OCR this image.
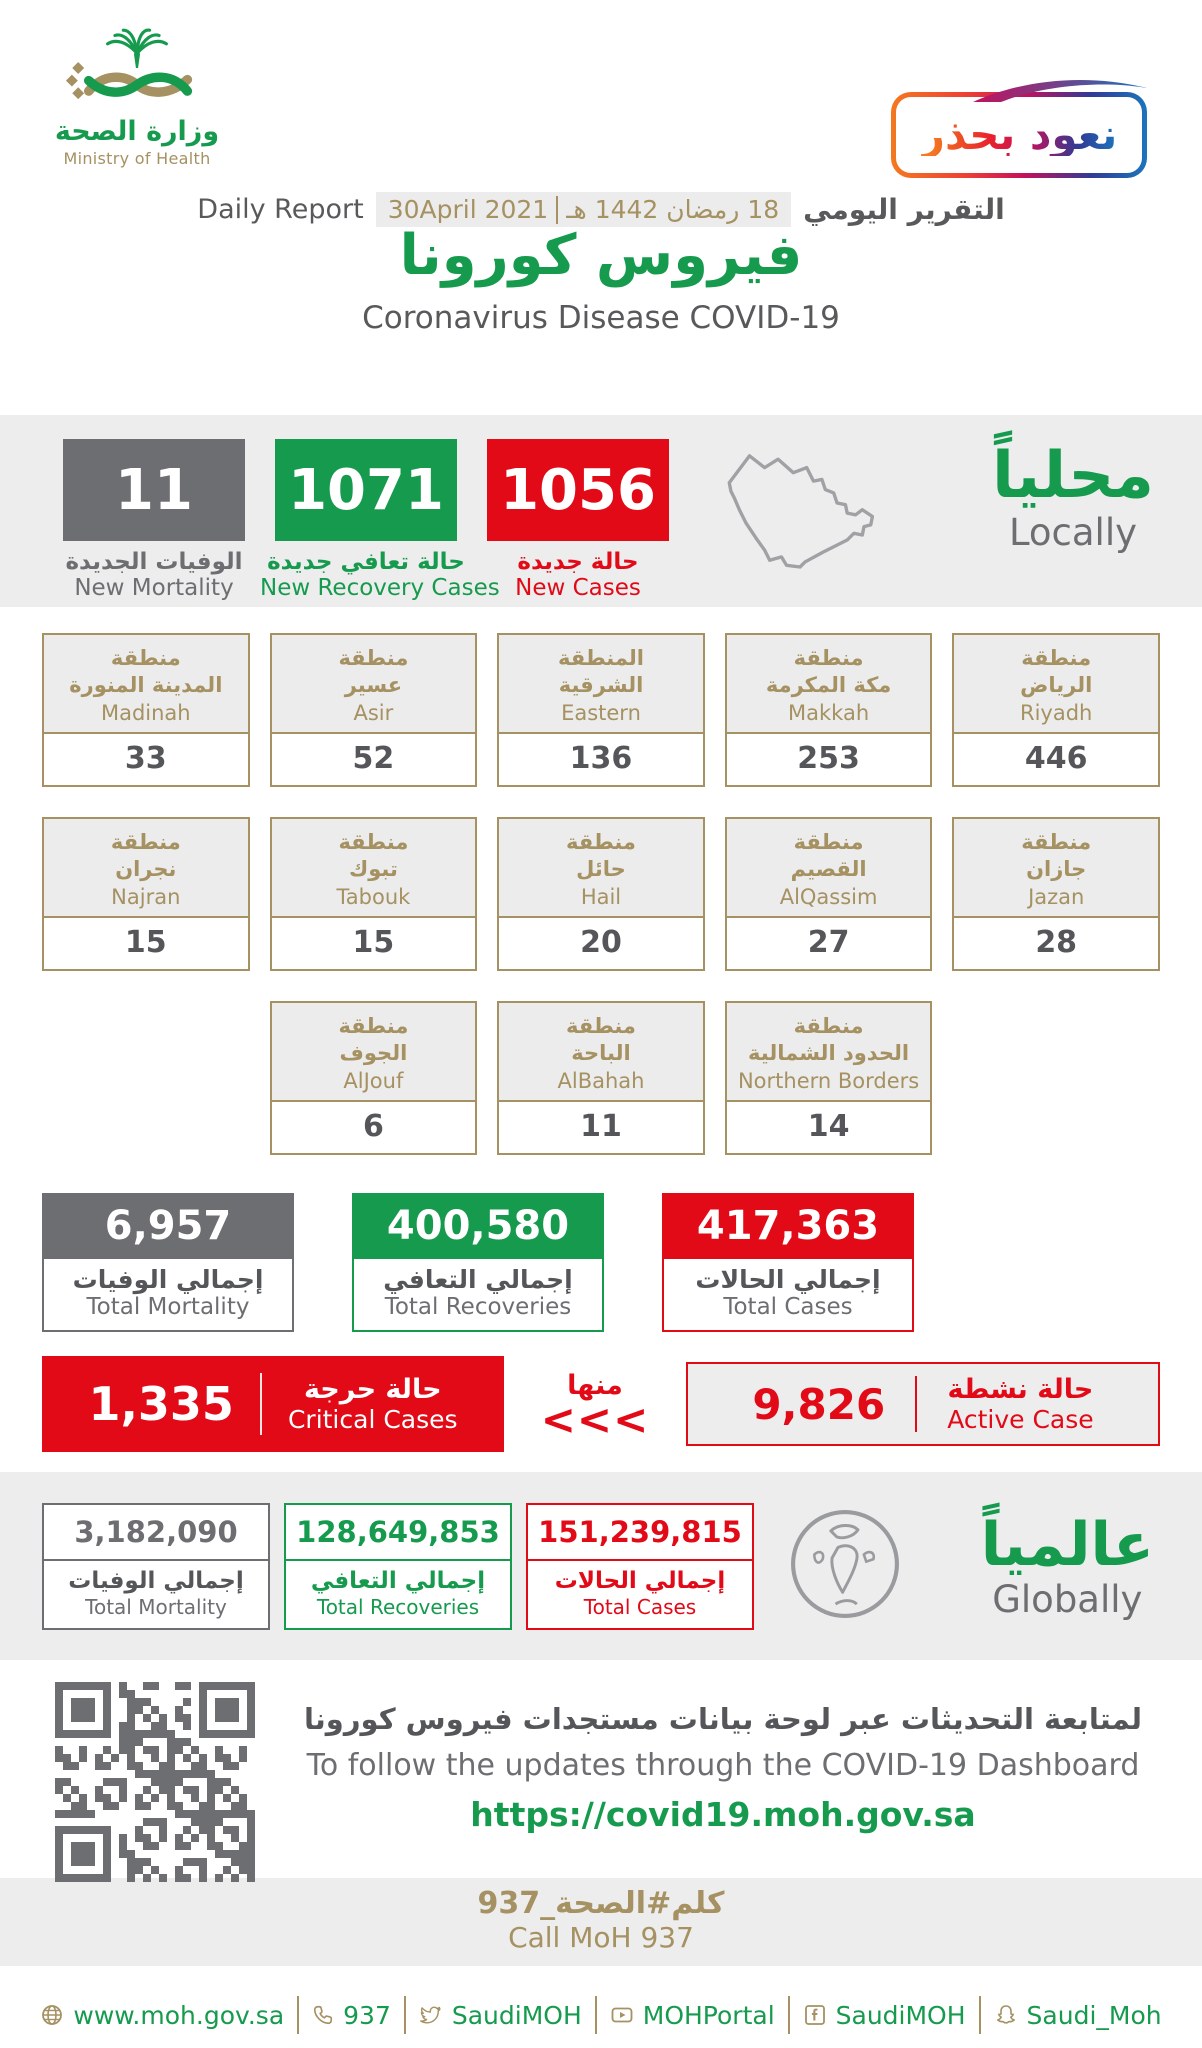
وزارة الصحة
Ministry of Health	نعود بحذر
Daily Report 30April 2021 18 رمضان 1442 هـ التقرير اليومي
فيروس كورونا
Coronavirus Disease COVID-19
11
الوفيات الجديدة
New Mortality
1071
حالة تعافي جديدة
New Recovery Cases
1056
حالة جديدة
New Cases
محلياً
Locally
منطقة
المدينة المنورة
Madinah
33
منطقة
عسير
Asir
52
المنطقة
الشرقية
Eastern
136
منطقة
مكة المكرمة
Makkah
253
منطقة
الرياض
Riyadh
446
منطقة
نجران
Najran
15
منطقة
تبوك
Tabouk
15
منطقة
حائل
Hail
20
منطقة
القصيم
AlQassim
27
منطقة
جازان
Jazan
28
منطقة
الجوف
AlJouf
6
منطقة
الباحة
AlBahah
11
منطقة
الحدود الشمالية
Northern Borders
14
6,957
إجمالي الوفيات
Total Mortality
400,580
إجمالي التعافي
Total Recoveries
417,363
إجمالي الحالات
Total Cases
1,335	حالة حرجة
Critical Cases
منها
<<<	9,826 حالة نشطة
Active Case
3,182,090
إجمالي الوفيات
Total Mortality
128,649,853
إجمالي التعافي
Total Recoveries
151,239,815
إجمالي الحالات
Total Cases
عالمياً
Globally
لمتابعة التحديثات عبر لوحة بيانات مستجدات فيروس كورونا
To follow the updates through the COVID-19 Dashboard
https://covid19.moh.gov.sa
كلم#الصحة_937
Call MoH 937
www.moh.gov.sa 937 SaudiMOH MOHPortal SaudiMOH Saudi_Moh
